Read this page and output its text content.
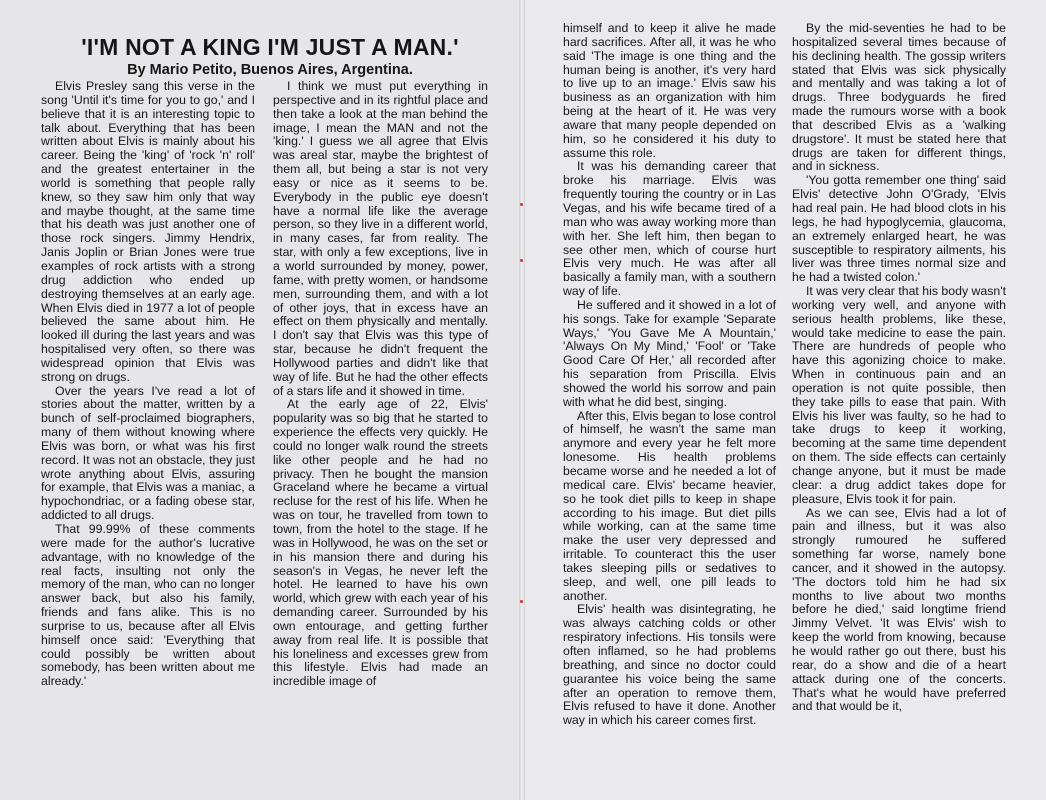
'I'M NOT A KING I'M JUST A MAN.'
By Mario Petito, Buenos Aires, Argentina.

Elvis Presley sang this verse in the song 'Until it's time for you to go,' and I believe that it is an interesting topic to talk about. Everything that has been written about Elvis is mainly about his career. Being the 'king' of 'rock 'n' roll' and the greatest entertainer in the world is something that people rally knew, so they saw him only that way and maybe thought, at the same time that his death was just another one of those rock singers. Jimmy Hendrix, Janis Joplin or Brian Jones were true examples of rock artists with a strong drug addiction who ended up destroying themselves at an early age. When Elvis died in 1977 a lot of people believed the same about him. He looked ill during the last years and was hospitalised very often, so there was widespread opinion that Elvis was strong on drugs.

Over the years I've read a lot of stories about the matter, written by a bunch of self-proclaimed biographers, many of them without knowing where Elvis was born, or what was his first record. It was not an obstacle, they just wrote anything about Elvis, assuring for example, that Elvis was a maniac, a hypochondriac, or a fading obese star, addicted to all drugs.

That 99.99% of these comments were made for the author's lucrative advantage, with no knowledge of the real facts, insulting not only the memory of the man, who can no longer answer back, but also his family, friends and fans alike. This is no surprise to us, because after all Elvis himself once said: 'Everything that could possibly be written about somebody, has been written about me already.'

I think we must put everything in perspective and in its rightful place and then take a look at the man behind the image, I mean the MAN and not the 'king.' I guess we all agree that Elvis was areal star, maybe the brightest of them all, but being a star is not very easy or nice as it seems to be. Everybody in the public eye doesn't have a normal life like the average person, so they live in a different world, in many cases, far from reality. The star, with only a few exceptions, live in a world surrounded by money, power, fame, with pretty women, or handsome men, surrounding them, and with a lot of other joys, that in excess have an effect on them physically and mentally. I don't say that Elvis was this type of star, because he didn't frequent the Hollywood parties and didn't like that way of life. But he had the other effects of a stars life and it showed in time.

At the early age of 22, Elvis' popularity was so big that he started to experience the effects very quickly. He could no longer walk round the streets like other people and he had no privacy. Then he bought the mansion Graceland where he became a virtual recluse for the rest of his life. When he was on tour, he travelled from town to town, from the hotel to the stage. If he was in Hollywood, he was on the set or in his mansion there and during his season's in Vegas, he never left the hotel. He learned to have his own world, which grew with each year of his demanding career. Surrounded by his own entourage, and getting further away from real life. It is possible that his loneliness and excesses grew from this lifestyle. Elvis had made an incredible image of

himself and to keep it alive he made hard sacrifices. After all, it was he who said 'The image is one thing and the human being is another, it's very hard to live up to an image.' Elvis saw his business as an organization with him being at the heart of it. He was very aware that many people depended on him, so he considered it his duty to assume this role.

It was his demanding career that broke his marriage. Elvis was frequently touring the country or in Las Vegas, and his wife became tired of a man who was away working more than with her. She left him, then began to see other men, which of course hurt Elvis very much. He was after all basically a family man, with a southern way of life.

He suffered and it showed in a lot of his songs. Take for example 'Separate Ways,' 'You Gave Me A Mountain,' 'Always On My Mind,' 'Fool' or 'Take Good Care Of Her,' all recorded after his separation from Priscilla. Elvis showed the world his sorrow and pain with what he did best, singing.

After this, Elvis began to lose control of himself, he wasn't the same man anymore and every year he felt more lonesome. His health problems became worse and he needed a lot of medical care. Elvis' became heavier, so he took diet pills to keep in shape according to his image. But diet pills while working, can at the same time make the user very depressed and irritable. To counteract this the user takes sleeping pills or sedatives to sleep, and well, one pill leads to another.

Elvis' health was disintegrating, he was always catching colds or other respiratory infections. His tonsils were often inflamed, so he had problems breathing, and since no doctor could guarantee his voice being the same after an operation to remove them, Elvis refused to have it done. Another way in which his career comes first.

By the mid-seventies he had to be hospitalized several times because of his declining health. The gossip writers stated that Elvis was sick physically and mentally and was taking a lot of drugs. Three bodyguards he fired made the rumours worse with a book that described Elvis as a 'walking drugstore'. It must be stated here that drugs are taken for different things, and in sickness.

'You gotta remember one thing' said Elvis' detective John O'Grady, 'Elvis had real pain. He had blood clots in his legs, he had hypoglycemia, glaucoma, an extremely enlarged heart, he was susceptible to respiratory ailments, his liver was three times normal size and he had a twisted colon.'

It was very clear that his body wasn't working very well, and anyone with serious health problems, like these, would take medicine to ease the pain. There are hundreds of people who have this agonizing choice to make. When in continuous pain and an operation is not quite possible, then they take pills to ease that pain. With Elvis his liver was faulty, so he had to take drugs to keep it working, becoming at the same time dependent on them. The side effects can certainly change anyone, but it must be made clear: a drug addict takes dope for pleasure, Elvis took it for pain.

As we can see, Elvis had a lot of pain and illness, but it was also strongly rumoured he suffered something far worse, namely bone cancer, and it showed in the autopsy. 'The doctors told him he had six months to live about two months before he died,' said longtime friend Jimmy Velvet. 'It was Elvis' wish to keep the world from knowing, because he would rather go out there, bust his rear, do a show and die of a heart attack during one of the concerts. That's what he would have preferred and that would be it,
